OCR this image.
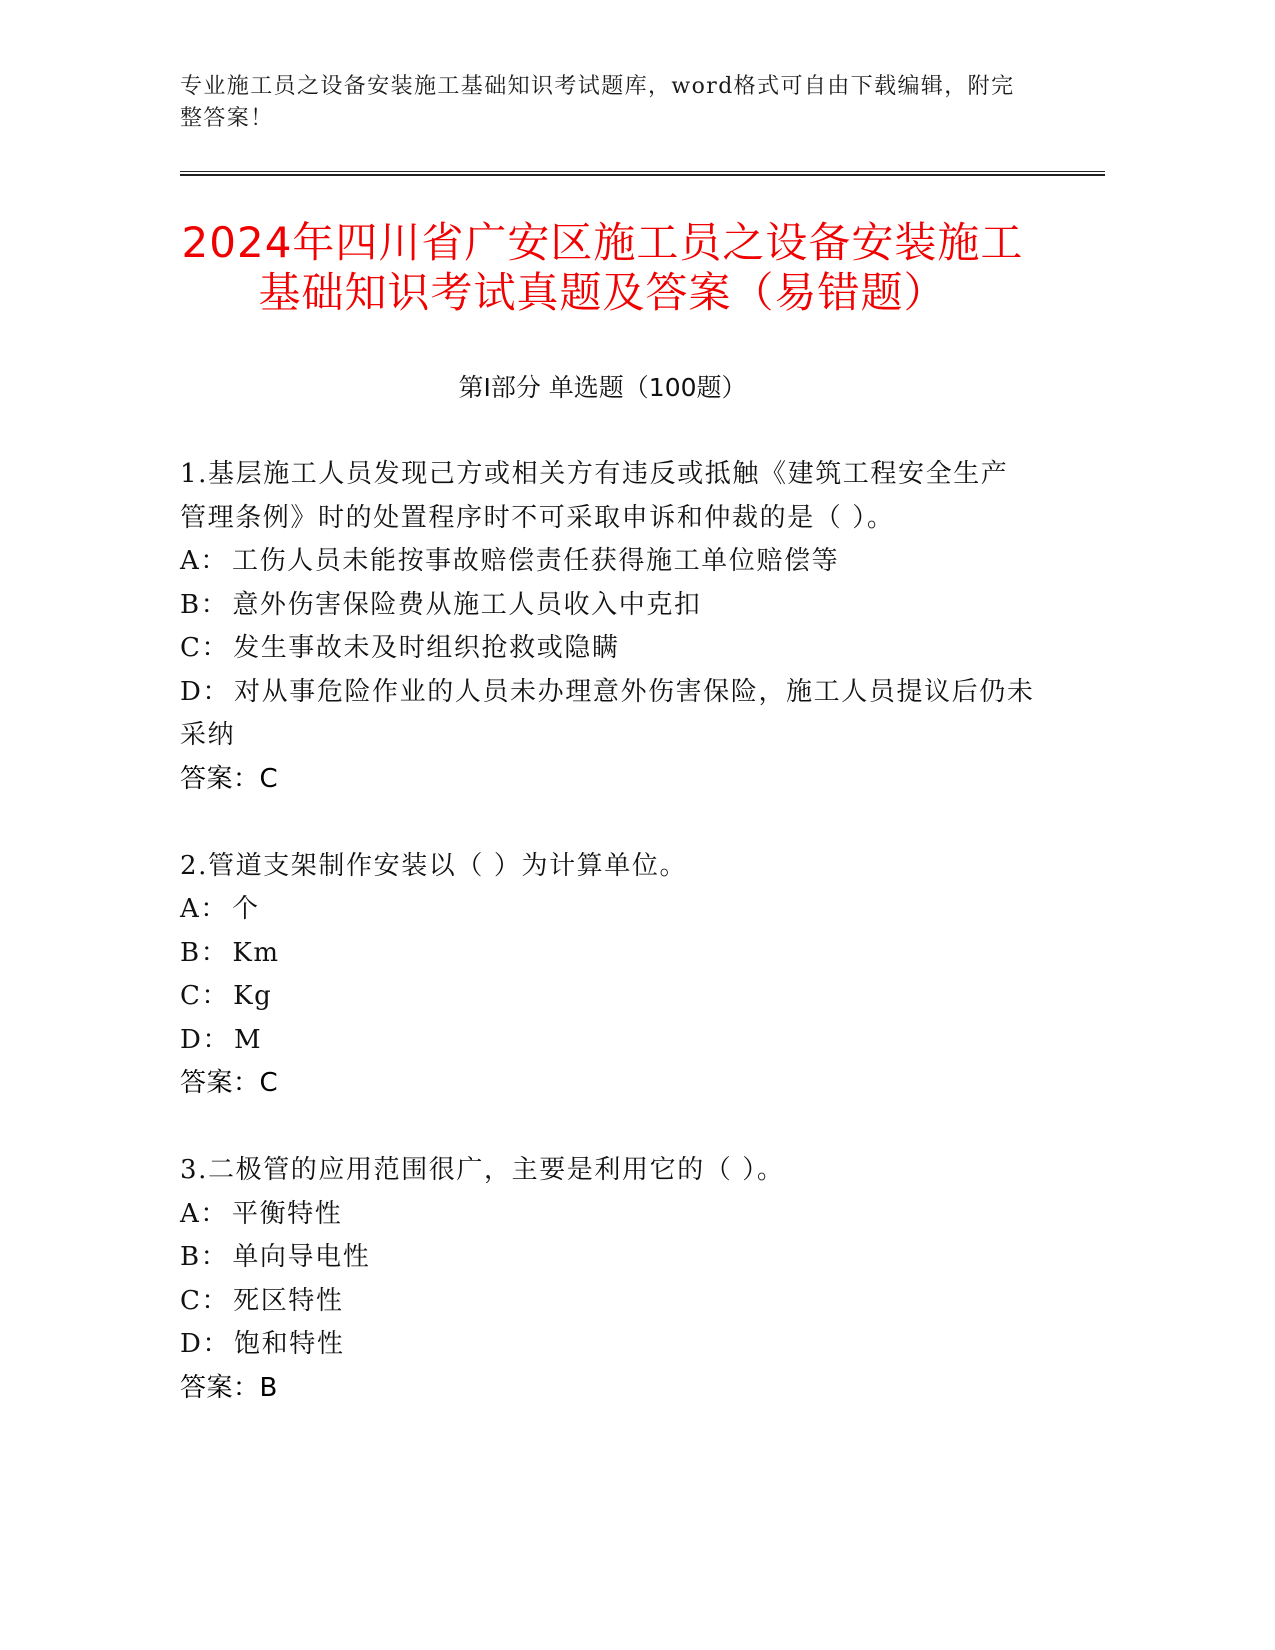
专业施工员之设备安装施工基础知识考试题库，word格式可自由下载编辑，附完
整答案！
2024年四川省广安区施工员之设备安装施工
基础知识考试真题及答案（易错题）
第Ⅰ部分 单选题（100题）
1.基层施工人员发现己方或相关方有违反或抵触《建筑工程安全生产
管理条例》时的处置程序时不可采取申诉和仲裁的是（ ）。
A： 工伤人员未能按事故赔偿责任获得施工单位赔偿等
B： 意外伤害保险费从施工人员收入中克扣
C： 发生事故未及时组织抢救或隐瞒
D： 对从事危险作业的人员未办理意外伤害保险，施工人员提议后仍未
采纳
答案：C
2.管道支架制作安装以（ ）为计算单位。
A： 个
B： Km
C： Kg
D： M
答案：C
3.二极管的应用范围很广，主要是利用它的（ ）。
A： 平衡特性
B： 单向导电性
C： 死区特性
D： 饱和特性
答案：B
